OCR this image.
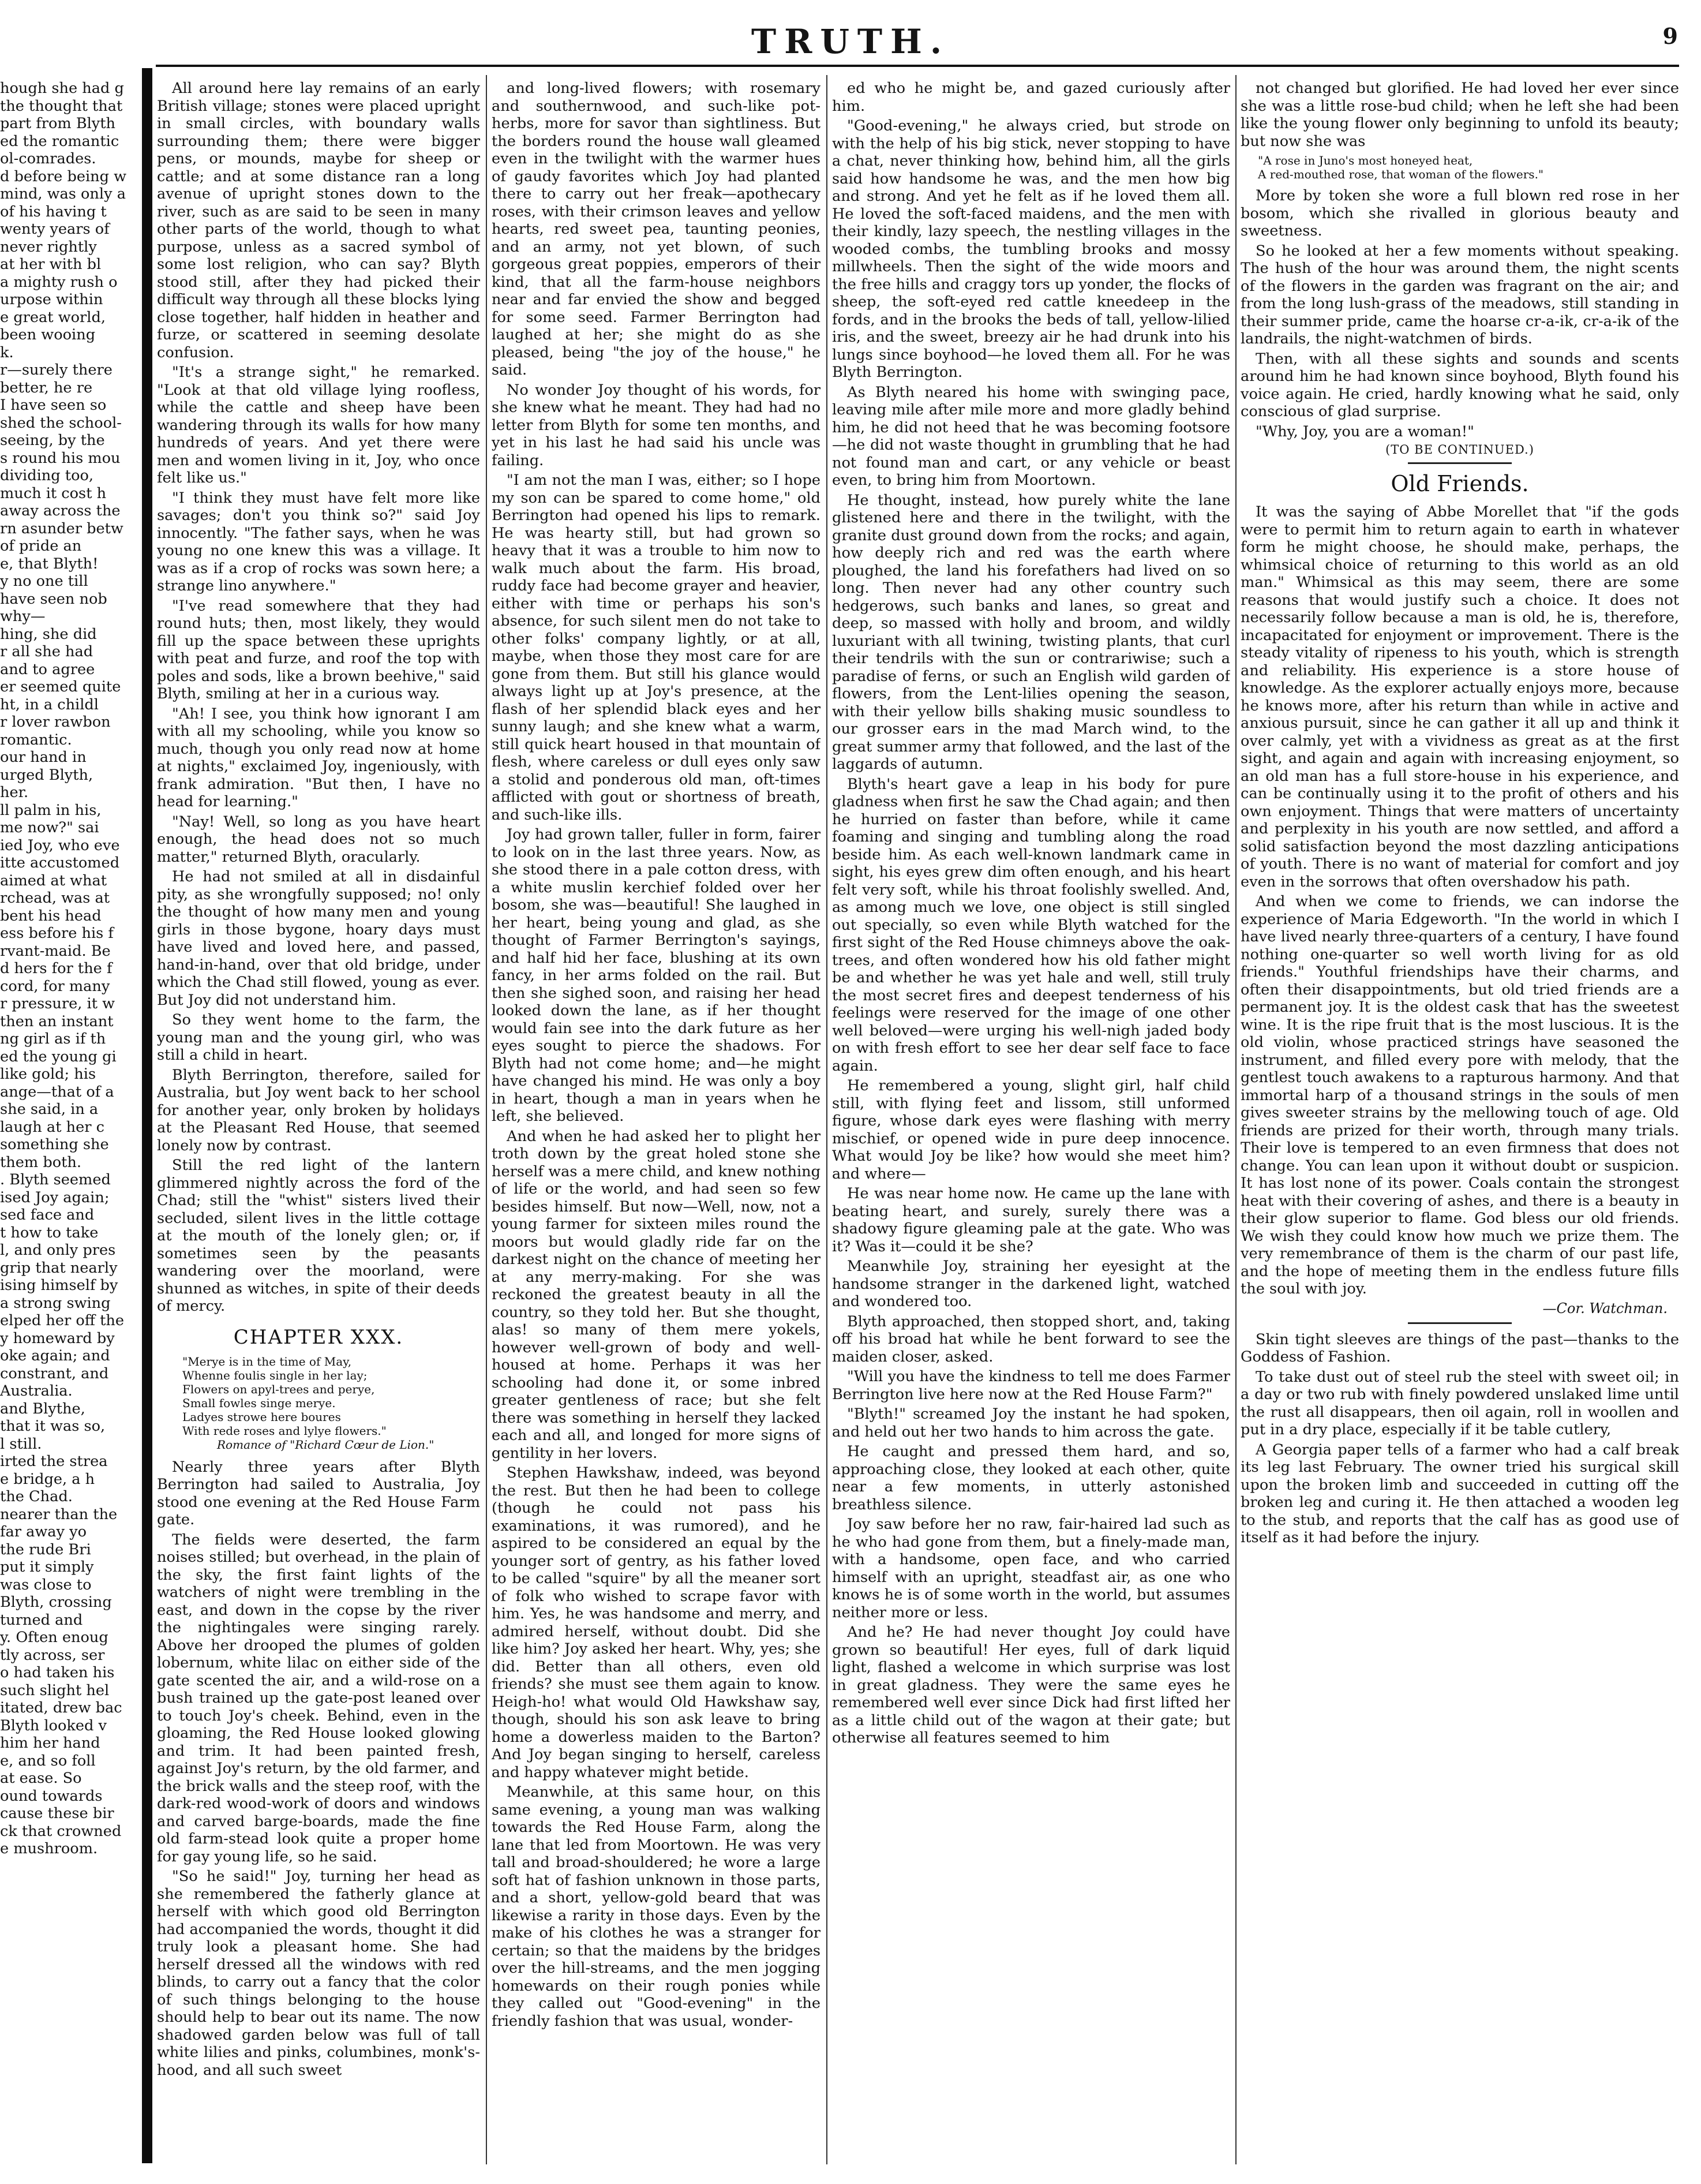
TRUTH.	9

hough she had g

the thought that

part from Blyth

ed the romantic

ol-comrades.

d before being w

mind, was only a

of his having t

wenty years of

never rightly

at her with bl

a mighty rush o

urpose within

e great world,

been wooing

k.

r—surely there

better, he re

I have seen so

shed the school-

seeing, by the

s round his mou

dividing too,

much it cost h

away across the

rn asunder betw

of pride an

e, that Blyth!

y no one till

have seen nob

why—

hing, she did

r all she had

and to agree

er seemed quite

ht, in a childl

r lover rawbon

romantic.

our hand in

urged Blyth,

her.

ll palm in his,

me now?" sai

ied Joy, who eve

itte accustomed

aimed at what

rchead, was at

bent his head

ess before his f

rvant-maid. Be

d hers for the f

cord, for many

r pressure, it w

then an instant

ng girl as if th

ed the young gi

like gold; his

ange—that of a

she said, in a

laugh at her c

something she

them both.

. Blyth seemed

ised Joy again;

sed face and

t how to take

l, and only pres

grip that nearly

ising himself by

a strong swing

elped her off the

y homeward by

oke again; and

constrant, and

Australia.

and Blythe,

that it was so,

l still.

irted the strea

e bridge, a h

the Chad.

nearer than the

far away yo

the rude Bri

put it simply

was close to

Blyth, crossing

turned and

y. Often enoug

tly across, ser

o had taken his

such slight hel

itated, drew bac

Blyth looked v

him her hand

e, and so foll

at ease. So

ound towards

cause these bir

ck that crowned

e mushroom.

All around here lay remains of an early British village; stones were placed upright in small circles, with boundary walls surrounding them; there were bigger pens, or mounds, maybe for sheep or cattle; and at some distance ran a long avenue of upright stones down to the river, such as are said to be seen in many other parts of the world, though to what purpose, unless as a sacred symbol of some lost religion, who can say? Blyth stood still, after they had picked their difficult way through all these blocks lying close together, half hidden in heather and furze, or scattered in seeming desolate confusion.

"It's a strange sight," he remarked. "Look at that old village lying roofless, while the cattle and sheep have been wandering through its walls for how many hundreds of years. And yet there were men and women living in it, Joy, who once felt like us."

"I think they must have felt more like savages; don't you think so?" said Joy innocently. "The father says, when he was young no one knew this was a village. It was as if a crop of rocks was sown here; a strange lino anywhere."

"I've read somewhere that they had round huts; then, most likely, they would fill up the space between these uprights with peat and furze, and roof the top with poles and sods, like a brown beehive," said Blyth, smiling at her in a curious way.

"Ah! I see, you think how ignorant I am with all my schooling, while you know so much, though you only read now at home at nights," exclaimed Joy, ingeniously, with frank admiration. "But then, I have no head for learning."

"Nay! Well, so long as you have heart enough, the head does not so much matter," returned Blyth, oracularly.

He had not smiled at all in disdainful pity, as she wrongfully supposed; no! only the thought of how many men and young girls in those bygone, hoary days must have lived and loved here, and passed, hand-in-hand, over that old bridge, under which the Chad still flowed, young as ever. But Joy did not understand him.

So they went home to the farm, the young man and the young girl, who was still a child in heart.

Blyth Berrington, therefore, sailed for Australia, but Joy went back to her school for another year, only broken by holidays at the Pleasant Red House, that seemed lonely now by contrast.

Still the red light of the lantern glimmered nightly across the ford of the Chad; still the "whist" sisters lived their secluded, silent lives in the little cottage at the mouth of the lonely glen; or, if sometimes seen by the peasants wandering over the moorland, were shunned as witches, in spite of their deeds of mercy.

CHAPTER XXX.
"Merye is in the time of May,
Whenne foulis single in her lay;
Flowers on apyl-trees and perye,
Small fowles singe merye.
Ladyes strowe here boures
With rede roses and lylye flowers."
Romance of "Richard Cœur de Lion."

Nearly three years after Blyth Berrington had sailed to Australia, Joy stood one evening at the Red House Farm gate.

The fields were deserted, the farm noises stilled; but overhead, in the plain of the sky, the first faint lights of the watchers of night were trembling in the east, and down in the copse by the river the nightingales were singing rarely. Above her drooped the plumes of golden lobernum, white lilac on either side of the gate scented the air, and a wild-rose on a bush trained up the gate-post leaned over to touch Joy's cheek. Behind, even in the gloaming, the Red House looked glowing and trim. It had been painted fresh, against Joy's return, by the old farmer, and the brick walls and the steep roof, with the dark-red wood-work of doors and windows and carved barge-boards, made the fine old farm-stead look quite a proper home for gay young life, so he said.

"So he said!" Joy, turning her head as she remembered the fatherly glance at herself with which good old Berrington had accompanied the words, thought it did truly look a pleasant home. She had herself dressed all the windows with red blinds, to carry out a fancy that the color of such things belonging to the house should help to bear out its name. The now shadowed garden below was full of tall white lilies and pinks, columbines, monk's-hood, and all such sweet

and long-lived flowers; with rosemary and southernwood, and such-like pot-herbs, more for savor than sightliness. But the borders round the house wall gleamed even in the twilight with the warmer hues of gaudy favorites which Joy had planted there to carry out her freak—apothecary roses, with their crimson leaves and yellow hearts, red sweet pea, taunting peonies, and an army, not yet blown, of such gorgeous great poppies, emperors of their kind, that all the farm-house neighbors near and far envied the show and begged for some seed. Farmer Berrington had laughed at her; she might do as she pleased, being "the joy of the house," he said.

No wonder Joy thought of his words, for she knew what he meant. They had had no letter from Blyth for some ten months, and yet in his last he had said his uncle was failing.

"I am not the man I was, either; so I hope my son can be spared to come home," old Berrington had opened his lips to remark. He was hearty still, but had grown so heavy that it was a trouble to him now to walk much about the farm. His broad, ruddy face had become grayer and heavier, either with time or perhaps his son's absence, for such silent men do not take to other folks' company lightly, or at all, maybe, when those they most care for are gone from them. But still his glance would always light up at Joy's presence, at the flash of her splendid black eyes and her sunny laugh; and she knew what a warm, still quick heart housed in that mountain of flesh, where careless or dull eyes only saw a stolid and ponderous old man, oft-times afflicted with gout or shortness of breath, and such-like ills.

Joy had grown taller, fuller in form, fairer to look on in the last three years. Now, as she stood there in a pale cotton dress, with a white muslin kerchief folded over her bosom, she was—beautiful! She laughed in her heart, being young and glad, as she thought of Farmer Berrington's sayings, and half hid her face, blushing at its own fancy, in her arms folded on the rail. But then she sighed soon, and raising her head looked down the lane, as if her thought would fain see into the dark future as her eyes sought to pierce the shadows. For Blyth had not come home; and—he might have changed his mind. He was only a boy in heart, though a man in years when he left, she believed.

And when he had asked her to plight her troth down by the great holed stone she herself was a mere child, and knew nothing of life or the world, and had seen so few besides himself. But now—Well, now, not a young farmer for sixteen miles round the moors but would gladly ride far on the darkest night on the chance of meeting her at any merry-making. For she was reckoned the greatest beauty in all the country, so they told her. But she thought, alas! so many of them mere yokels, however well-grown of body and well-housed at home. Perhaps it was her schooling had done it, or some inbred greater gentleness of race; but she felt there was something in herself they lacked each and all, and longed for more signs of gentility in her lovers.

Stephen Hawkshaw, indeed, was beyond the rest. But then he had been to college (though he could not pass his examinations, it was rumored), and he aspired to be considered an equal by the younger sort of gentry, as his father loved to be called "squire" by all the meaner sort of folk who wished to scrape favor with him. Yes, he was handsome and merry, and admired herself, without doubt. Did she like him? Joy asked her heart. Why, yes; she did. Better than all others, even old friends? she must see them again to know. Heigh-ho! what would Old Hawkshaw say, though, should his son ask leave to bring home a dowerless maiden to the Barton? And Joy began singing to herself, careless and happy whatever might betide.

Meanwhile, at this same hour, on this same evening, a young man was walking towards the Red House Farm, along the lane that led from Moortown. He was very tall and broad-shouldered; he wore a large soft hat of fashion unknown in those parts, and a short, yellow-gold beard that was likewise a rarity in those days. Even by the make of his clothes he was a stranger for certain; so that the maidens by the bridges over the hill-streams, and the men jogging homewards on their rough ponies while they called out "Good-evening" in the friendly fashion that was usual, wonder-

ed who he might be, and gazed curiously after him.

"Good-evening," he always cried, but strode on with the help of his big stick, never stopping to have a chat, never thinking how, behind him, all the girls said how handsome he was, and the men how big and strong. And yet he felt as if he loved them all. He loved the soft-faced maidens, and the men with their kindly, lazy speech, the nestling villages in the wooded combs, the tumbling brooks and mossy millwheels. Then the sight of the wide moors and the free hills and craggy tors up yonder, the flocks of sheep, the soft-eyed red cattle kneedeep in the fords, and in the brooks the beds of tall, yellow-lilied iris, and the sweet, breezy air he had drunk into his lungs since boyhood—he loved them all. For he was Blyth Berrington.

As Blyth neared his home with swinging pace, leaving mile after mile more and more gladly behind him, he did not heed that he was becoming footsore—he did not waste thought in grumbling that he had not found man and cart, or any vehicle or beast even, to bring him from Moortown.

He thought, instead, how purely white the lane glistened here and there in the twilight, with the granite dust ground down from the rocks; and again, how deeply rich and red was the earth where ploughed, the land his forefathers had lived on so long. Then never had any other country such hedgerows, such banks and lanes, so great and deep, so massed with holly and broom, and wildly luxuriant with all twining, twisting plants, that curl their tendrils with the sun or contrariwise; such a paradise of ferns, or such an English wild garden of flowers, from the Lent-lilies opening the season, with their yellow bills shaking music soundless to our grosser ears in the mad March wind, to the great summer army that followed, and the last of the laggards of autumn.

Blyth's heart gave a leap in his body for pure gladness when first he saw the Chad again; and then he hurried on faster than before, while it came foaming and singing and tumbling along the road beside him. As each well-known landmark came in sight, his eyes grew dim often enough, and his heart felt very soft, while his throat foolishly swelled. And, as among much we love, one object is still singled out specially, so even while Blyth watched for the first sight of the Red House chimneys above the oak-trees, and often wondered how his old father might be and whether he was yet hale and well, still truly the most secret fires and deepest tenderness of his feelings were reserved for the image of one other well beloved—were urging his well-nigh jaded body on with fresh effort to see her dear self face to face again.

He remembered a young, slight girl, half child still, with flying feet and lissom, still unformed figure, whose dark eyes were flashing with merry mischief, or opened wide in pure deep innocence. What would Joy be like? how would she meet him? and where—

He was near home now. He came up the lane with beating heart, and surely, surely there was a shadowy figure gleaming pale at the gate. Who was it? Was it—could it be she?

Meanwhile Joy, straining her eyesight at the handsome stranger in the darkened light, watched and wondered too.

Blyth approached, then stopped short, and, taking off his broad hat while he bent forward to see the maiden closer, asked.

"Will you have the kindness to tell me does Farmer Berrington live here now at the Red House Farm?"

"Blyth!" screamed Joy the instant he had spoken, and held out her two hands to him across the gate.

He caught and pressed them hard, and so, approaching close, they looked at each other, quite near a few moments, in utterly astonished breathless silence.

Joy saw before her no raw, fair-haired lad such as he who had gone from them, but a finely-made man, with a handsome, open face, and who carried himself with an upright, steadfast air, as one who knows he is of some worth in the world, but assumes neither more or less.

And he? He had never thought Joy could have grown so beautiful! Her eyes, full of dark liquid light, flashed a welcome in which surprise was lost in great gladness. They were the same eyes he remembered well ever since Dick had first lifted her as a little child out of the wagon at their gate; but otherwise all features seemed to him

not changed but glorified. He had loved her ever since she was a little rose-bud child; when he left she had been like the young flower only beginning to unfold its beauty; but now she was

"A rose in Juno's most honeyed heat,
A red-mouthed rose, that woman of the flowers."

More by token she wore a full blown red rose in her bosom, which she rivalled in glorious beauty and sweetness.

So he looked at her a few moments without speaking. The hush of the hour was around them, the night scents of the flowers in the garden was fragrant on the air; and from the long lush-grass of the meadows, still standing in their summer pride, came the hoarse cr-a-ik, cr-a-ik of the landrails, the night-watchmen of birds.

Then, with all these sights and sounds and scents around him he had known since boyhood, Blyth found his voice again. He cried, hardly knowing what he said, only conscious of glad surprise.

"Why, Joy, you are a woman!"

(TO BE CONTINUED.)
Old Friends.

It was the saying of Abbe Morellet that "if the gods were to permit him to return again to earth in whatever form he might choose, he should make, perhaps, the whimsical choice of returning to this world as an old man." Whimsical as this may seem, there are some reasons that would justify such a choice. It does not necessarily follow because a man is old, he is, therefore, incapacitated for enjoyment or improvement. There is the steady vitality of ripeness to his youth, which is strength and reliability. His experience is a store house of knowledge. As the explorer actually enjoys more, because he knows more, after his return than while in active and anxious pursuit, since he can gather it all up and think it over calmly, yet with a vividness as great as at the first sight, and again and again with increasing enjoyment, so an old man has a full store-house in his experience, and can be continually using it to the profit of others and his own enjoyment. Things that were matters of uncertainty and perplexity in his youth are now settled, and afford a solid satisfaction beyond the most dazzling anticipations of youth. There is no want of material for comfort and joy even in the sorrows that often overshadow his path.

And when we come to friends, we can indorse the experience of Maria Edgeworth. "In the world in which I have lived nearly three-quarters of a century, I have found nothing one-quarter so well worth living for as old friends." Youthful friendships have their charms, and often their disappointments, but old tried friends are a permanent joy. It is the oldest cask that has the sweetest wine. It is the ripe fruit that is the most luscious. It is the old violin, whose practiced strings have seasoned the instrument, and filled every pore with melody, that the gentlest touch awakens to a rapturous harmony. And that immortal harp of a thousand strings in the souls of men gives sweeter strains by the mellowing touch of age. Old friends are prized for their worth, through many trials. Their love is tempered to an even firmness that does not change. You can lean upon it without doubt or suspicion. It has lost none of its power. Coals contain the strongest heat with their covering of ashes, and there is a beauty in their glow superior to flame. God bless our old friends. We wish they could know how much we prize them. The very remembrance of them is the charm of our past life, and the hope of meeting them in the endless future fills the soul with joy.

—Cor. Watchman.

Skin tight sleeves are things of the past—thanks to the Goddess of Fashion.

To take dust out of steel rub the steel with sweet oil; in a day or two rub with finely powdered unslaked lime until the rust all disappears, then oil again, roll in woollen and put in a dry place, especially if it be table cutlery,

A Georgia paper tells of a farmer who had a calf break its leg last February. The owner tried his surgical skill upon the broken limb and succeeded in cutting off the broken leg and curing it. He then attached a wooden leg to the stub, and reports that the calf has as good use of itself as it had before the injury.
